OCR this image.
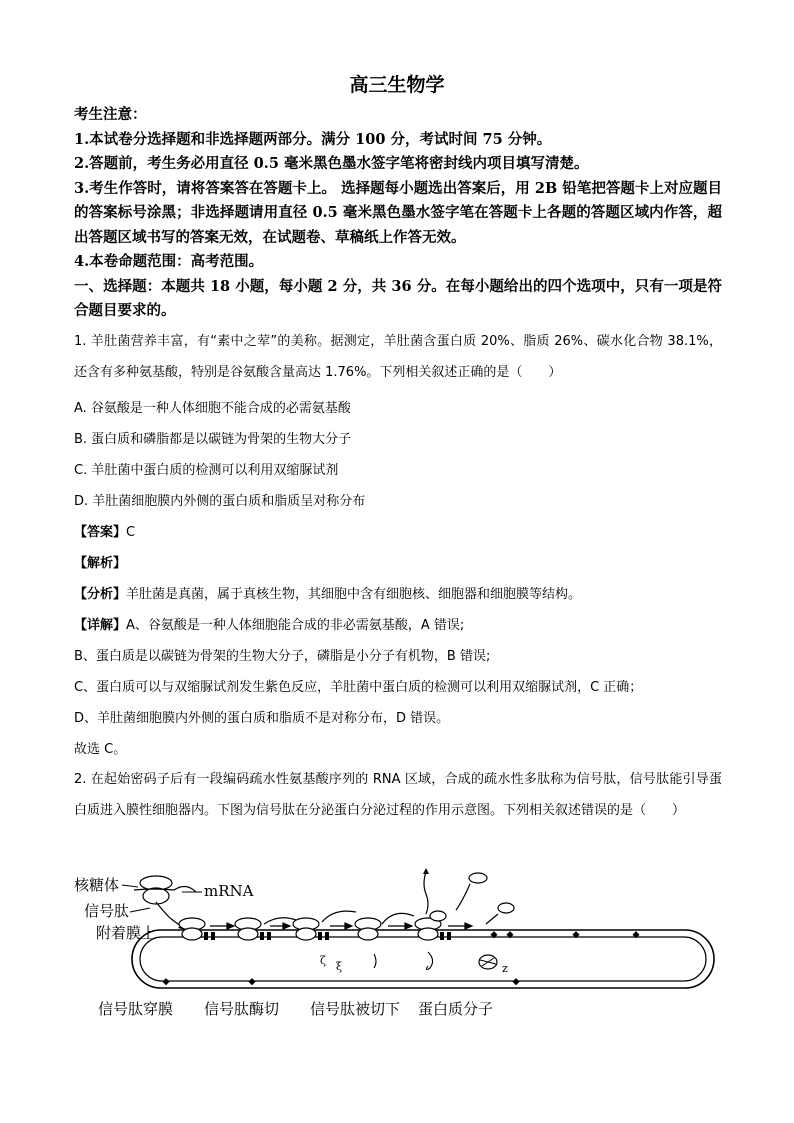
高三生物学
考生注意：
1.本试卷分选择题和非选择题两部分。满分 100 分，考试时间 75 分钟。
2.答题前，考生务必用直径 0.5 毫米黑色墨水签字笔将密封线内项目填写清楚。
3.考生作答时，请将答案答在答题卡上。 选择题每小题选出答案后，用 2B 铅笔把答题卡上对应题目的答案标号涂黑；非选择题请用直径 0.5 毫米黑色墨水签字笔在答题卡上各题的答题区域内作答，超出答题区域书写的答案无效，在试题卷、草稿纸上作答无效。
4.本卷命题范围：高考范围。
一、选择题：本题共 18 小题，每小题 2 分，共 36 分。在每小题给出的四个选项中，只有一项是符合题目要求的。
1. 羊肚菌营养丰富，有“素中之荤”的美称。据测定，羊肚菌含蛋白质 20%、脂质 26%、碳水化合物 38.1%，还含有多种氨基酸，特别是谷氨酸含量高达 1.76%。下列相关叙述正确的是（　　）
A. 谷氨酸是一种人体细胞不能合成的必需氨基酸
B. 蛋白质和磷脂都是以碳链为骨架的生物大分子
C. 羊肚菌中蛋白质的检测可以利用双缩脲试剂
D. 羊肚菌细胞膜内外侧的蛋白质和脂质呈对称分布
【答案】C
【解析】
【分析】羊肚菌是真菌，属于真核生物，其细胞中含有细胞核、细胞器和细胞膜等结构。
【详解】A、谷氨酸是一种人体细胞能合成的非必需氨基酸，A 错误;
B、蛋白质是以碳链为骨架的生物大分子，磷脂是小分子有机物，B 错误;
C、蛋白质可以与双缩脲试剂发生紫色反应，羊肚菌中蛋白质的检测可以利用双缩脲试剂，C 正确；
D、羊肚菌细胞膜内外侧的蛋白质和脂质不是对称分布，D 错误。
故选 C。
2. 在起始密码子后有一段编码疏水性氨基酸序列的 RNA 区域，合成的疏水性多肽称为信号肽，信号肽能引导蛋白质进入膜性细胞器内。下图为信号肽在分泌蛋白分泌过程的作用示意图。下列相关叙述错误的是（　　）
核糖体	mRNA
信号肽
附着膜上
ζ ξ	z
信号肽穿膜 信号肽酶切 信号肽被切下 蛋白质分子
